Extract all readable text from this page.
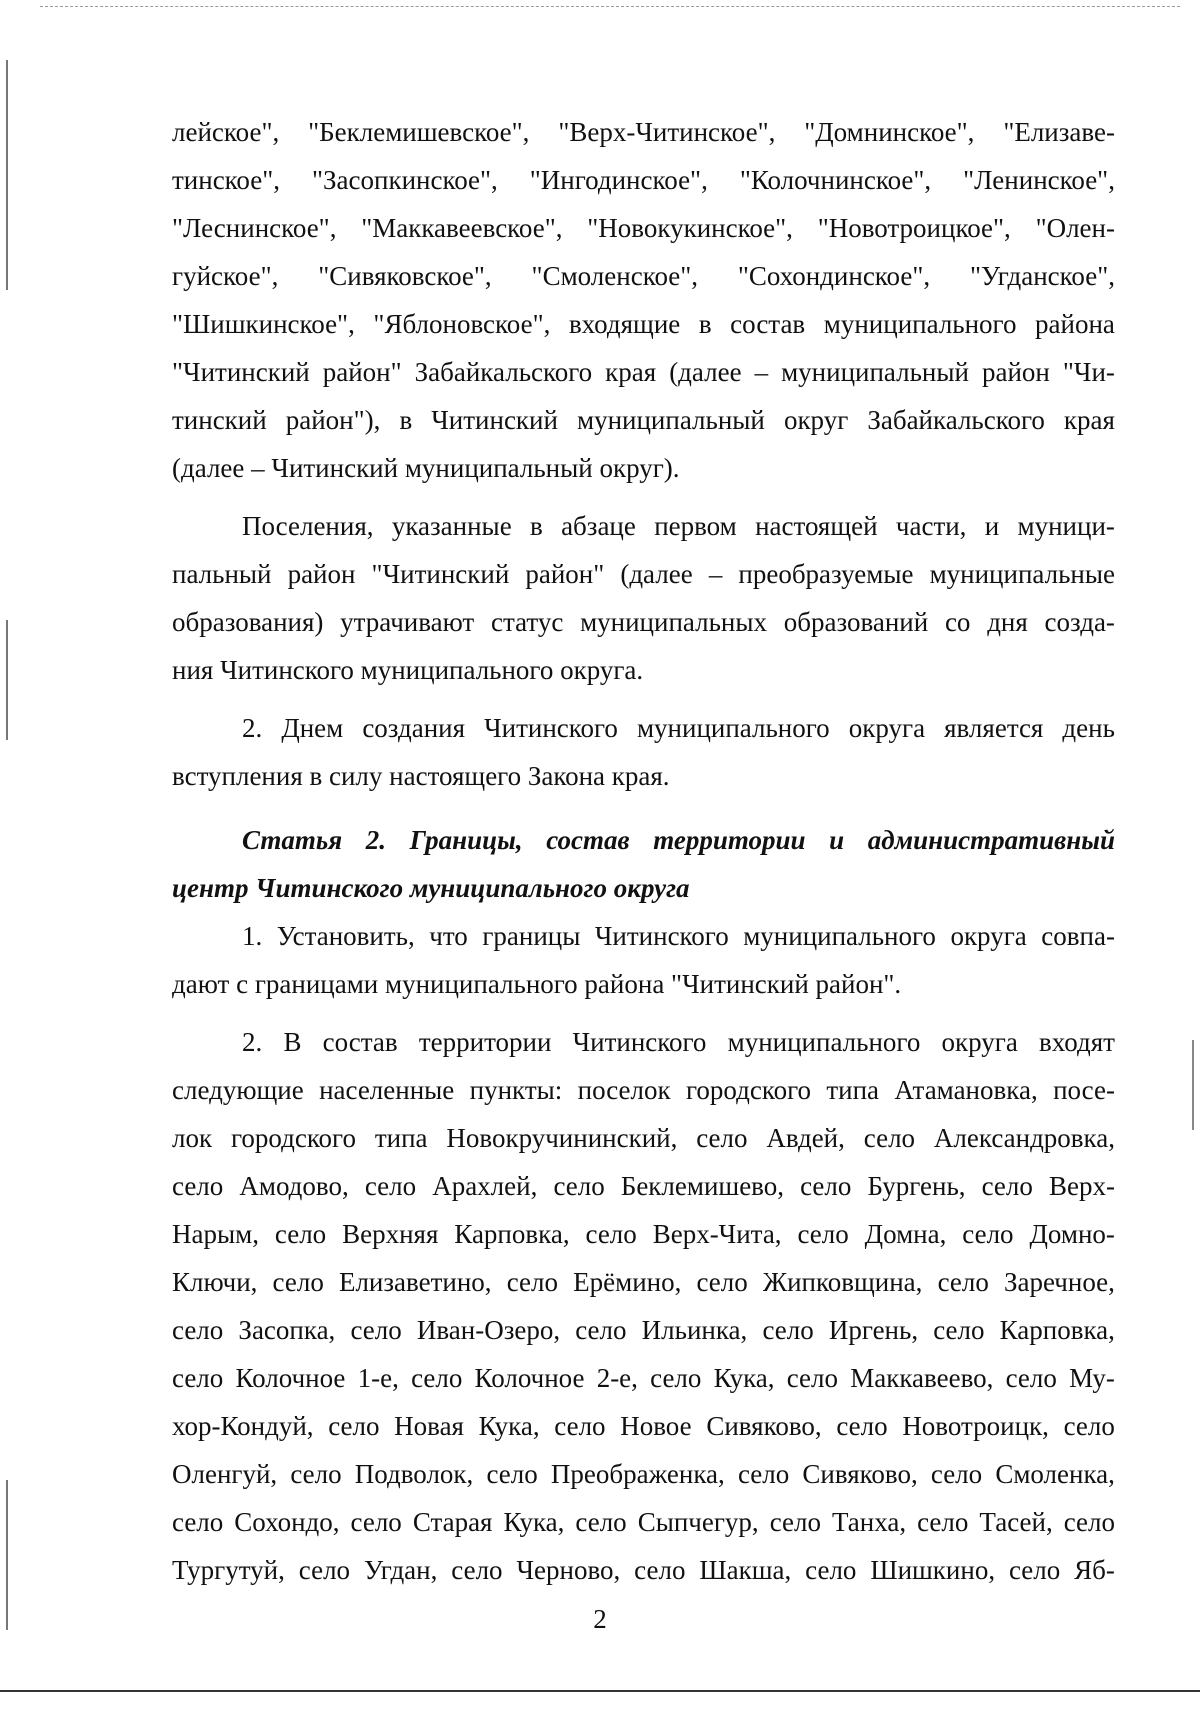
лейское", "Беклемишевское", "Верх-Читинское", "Домнинское", "Елизаве-
тинское", "Засопкинское", "Ингодинское", "Колочнинское", "Ленинское",
"Леснинское", "Маккавеевское", "Новокукинское", "Новотроицкое", "Олен-
гуйское", "Сивяковское", "Смоленское", "Сохондинское", "Угданское",
"Шишкинское", "Яблоновское", входящие в состав муниципального района
"Читинский район" Забайкальского края (далее – муниципальный район "Чи-
тинский район"), в Читинский муниципальный округ Забайкальского края
(далее – Читинский муниципальный округ).
Поселения, указанные в абзаце первом настоящей части, и муници-
пальный район "Читинский район" (далее – преобразуемые муниципальные
образования) утрачивают статус муниципальных образований со дня созда-
ния Читинского муниципального округа.
2. Днем создания Читинского муниципального округа является день
вступления в силу настоящего Закона края.
Статья 2. Границы, состав территории и административный
центр Читинского муниципального округа
1. Установить, что границы Читинского муниципального округа совпа-
дают с границами муниципального района "Читинский район".
2. В состав территории Читинского муниципального округа входят
следующие населенные пункты: поселок городского типа Атамановка, посе-
лок городского типа Новокручининский, село Авдей, село Александровка,
село Амодово, село Арахлей, село Беклемишево, село Бургень, село Верх-
Нарым, село Верхняя Карповка, село Верх-Чита, село Домна, село Домно-
Ключи, село Елизаветино, село Ерёмино, село Жипковщина, село Заречное,
село Засопка, село Иван-Озеро, село Ильинка, село Иргень, село Карповка,
село Колочное 1-е, село Колочное 2-е, село Кука, село Маккавеево, село Му-
хор-Кондуй, село Новая Кука, село Новое Сивяково, село Новотроицк, село
Оленгуй, село Подволок, село Преображенка, село Сивяково, село Смоленка,
село Сохондо, село Старая Кука, село Сыпчегур, село Танха, село Тасей, село
Тургутуй, село Угдан, село Черново, село Шакша, село Шишкино, село Яб-
2
